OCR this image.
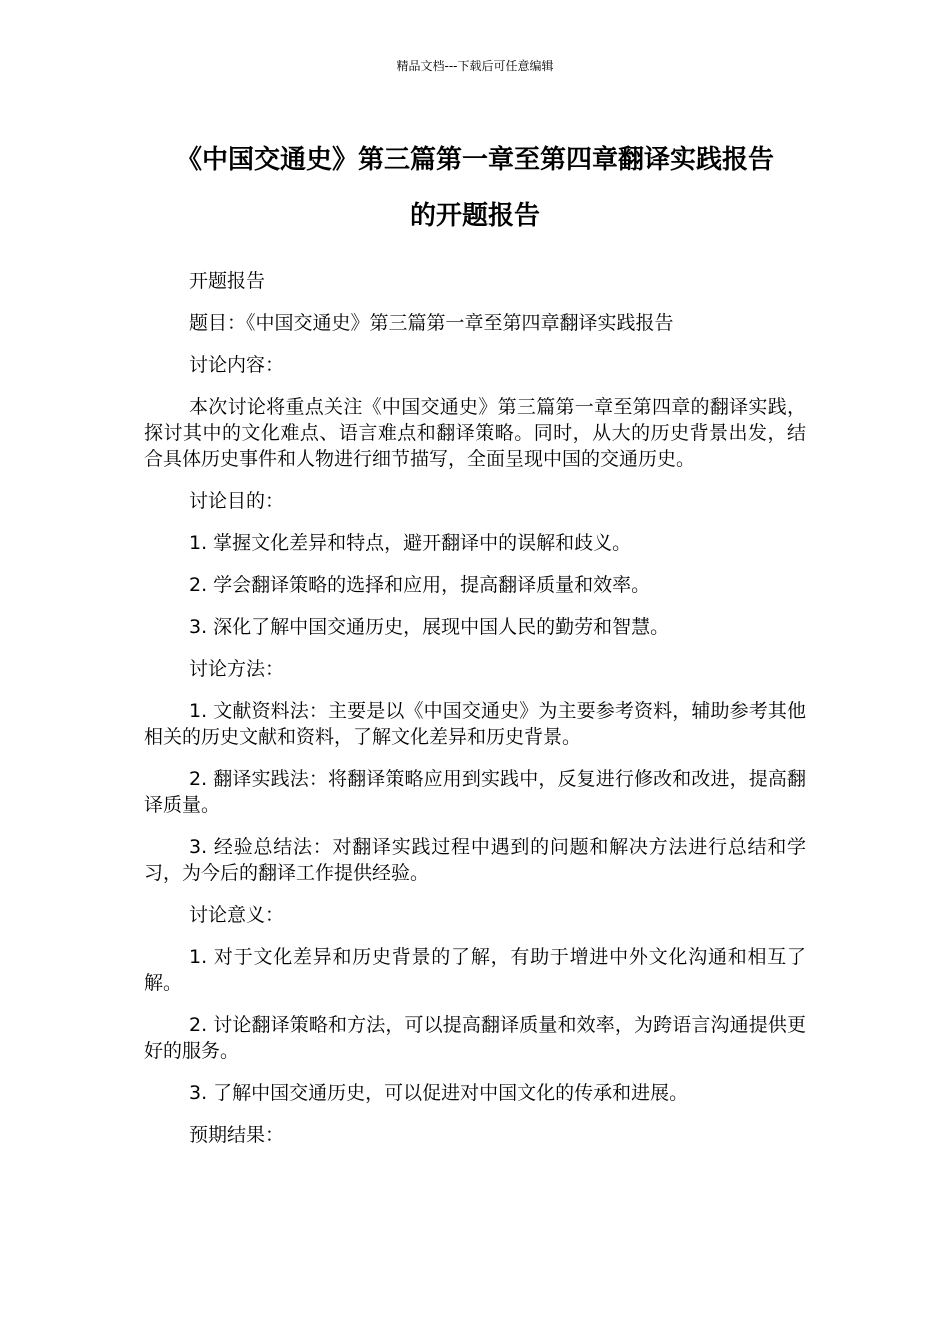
精品文档---下载后可任意编辑
《中国交通史》第三篇第一章至第四章翻译实践报告
的开题报告

开题报告

题目：《中国交通史》第三篇第一章至第四章翻译实践报告

讨论内容：

本次讨论将重点关注《中国交通史》第三篇第一章至第四章的翻译实践，探讨其中的文化难点、语言难点和翻译策略。同时，从大的历史背景出发，结合具体历史事件和人物进行细节描写，全面呈现中国的交通历史。

讨论目的：

1. 掌握文化差异和特点，避开翻译中的误解和歧义。

2. 学会翻译策略的选择和应用，提高翻译质量和效率。

3. 深化了解中国交通历史，展现中国人民的勤劳和智慧。

讨论方法：

1. 文献资料法：主要是以《中国交通史》为主要参考资料，辅助参考其他相关的历史文献和资料，了解文化差异和历史背景。

2. 翻译实践法：将翻译策略应用到实践中，反复进行修改和改进，提高翻译质量。

3. 经验总结法：对翻译实践过程中遇到的问题和解决方法进行总结和学习，为今后的翻译工作提供经验。

讨论意义：

1. 对于文化差异和历史背景的了解，有助于增进中外文化沟通和相互了解。

2. 讨论翻译策略和方法，可以提高翻译质量和效率，为跨语言沟通提供更好的服务。

3. 了解中国交通历史，可以促进对中国文化的传承和进展。

预期结果：
